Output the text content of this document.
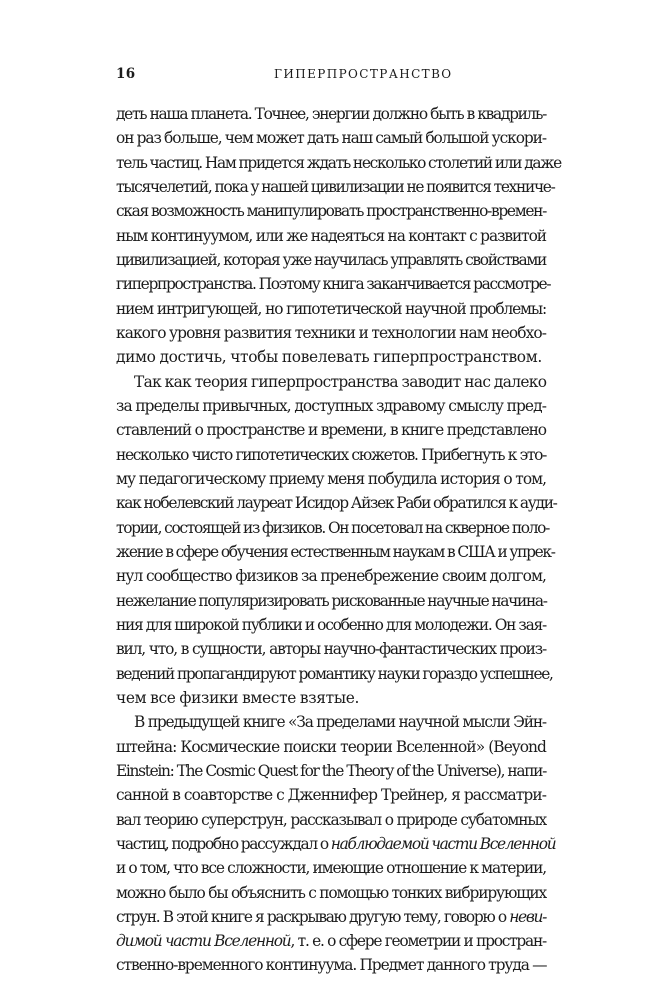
16	ГИПЕРПРОСТРАНСТВО
деть наша планета. Точнее, энергии должно быть в квадриль-
он раз больше, чем может дать наш самый большой ускори-
тель частиц. Нам придется ждать несколько столетий или даже
тысячелетий, пока у нашей цивилизации не появится техниче-
ская возможность манипулировать пространственно-времен-
ным континуумом, или же надеяться на контакт с развитой
цивилизацией, которая уже научилась управлять свойствами
гиперпространства. Поэтому книга заканчивается рассмотре-
нием интригующей, но гипотетической научной проблемы:
какого уровня развития техники и технологии нам необхо-
димо достичь, чтобы повелевать гиперпространством.
Так как теория гиперпространства заводит нас далеко
за пределы привычных, доступных здравому смыслу пред-
ставлений о пространстве и времени, в книге представлено
несколько чисто гипотетических сюжетов. Прибегнуть к это-
му педагогическому приему меня побудила история о том,
как нобелевский лауреат Исидор Айзек Раби обратился к ауди-
тории, состоящей из физиков. Он посетовал на скверное поло-
жение в сфере обучения естественным наукам в США и упрек-
нул сообщество физиков за пренебрежение своим долгом,
нежелание популяризировать рискованные научные начина-
ния для широкой публики и особенно для молодежи. Он зая-
вил, что, в сущности, авторы научно-фантастических произ-
ведений пропагандируют романтику науки гораздо успешнее,
чем все физики вместе взятые.
В предыдущей книге «За пределами научной мысли Эйн-
штейна: Космические поиски теории Вселенной» (Beyond
Einstein: The Cosmic Quest for the Theory of the Universe), напи-
санной в соавторстве с Дженнифер Трейнер, я рассматри-
вал теорию суперструн, рассказывал о природе субатомных
частиц, подробно рассуждал о наблюдаемой части Вселенной
и о том, что все сложности, имеющие отношение к материи,
можно было бы объяснить с помощью тонких вибрирующих
струн. В этой книге я раскрываю другую тему, говорю о неви-
димой части Вселенной, т. е. о сфере геометрии и простран-
ственно-временного континуума. Предмет данного труда —
